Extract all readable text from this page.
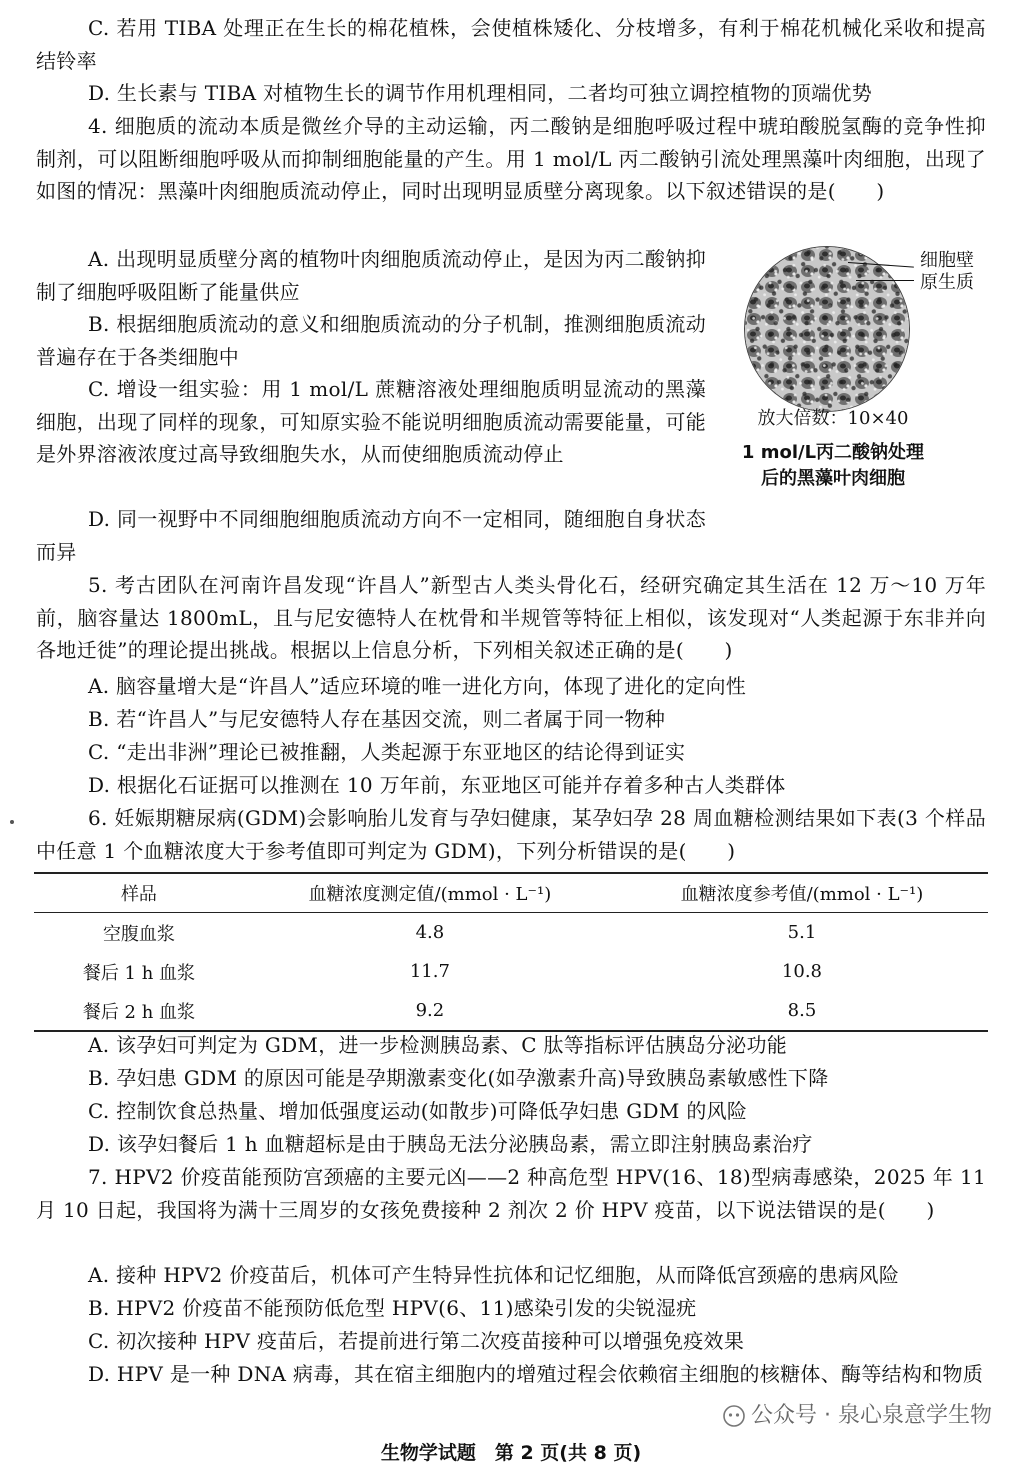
C. 若用 TIBA 处理正在生长的棉花植株，会使植株矮化、分枝增多，有利于棉花机械化采收和提高结铃率

D. 生长素与 TIBA 对植物生长的调节作用机理相同，二者均可独立调控植物的顶端优势

4. 细胞质的流动本质是微丝介导的主动运输，丙二酸钠是细胞呼吸过程中琥珀酸脱氢酶的竞争性抑制剂，可以阻断细胞呼吸从而抑制细胞能量的产生。用 1 mol/L 丙二酸钠引流处理黑藻叶肉细胞，出现了如图的情况：黑藻叶肉细胞质流动停止，同时出现明显质壁分离现象。以下叙述错误的是(　　)

A. 出现明显质壁分离的植物叶肉细胞质流动停止，是因为丙二酸钠抑制了细胞呼吸阻断了能量供应

B. 根据细胞质流动的意义和细胞质流动的分子机制，推测细胞质流动普遍存在于各类细胞中

C. 增设一组实验：用 1 mol/L 蔗糖溶液处理细胞质明显流动的黑藻细胞，出现了同样的现象，可知原实验不能说明细胞质流动需要能量，可能是外界溶液浓度过高导致细胞失水，从而使细胞质流动停止

D. 同一视野中不同细胞细胞质流动方向不一定相同，随细胞自身状态而异

细胞壁
原生质
放大倍数：10×40
1 mol/L丙二酸钠处理
后的黑藻叶肉细胞

5. 考古团队在河南许昌发现“许昌人”新型古人类头骨化石，经研究确定其生活在 12 万～10 万年前，脑容量达 1800mL，且与尼安德特人在枕骨和半规管等特征上相似，该发现对“人类起源于东非并向各地迁徙”的理论提出挑战。根据以上信息分析，下列相关叙述正确的是(　　)

A. 脑容量增大是“许昌人”适应环境的唯一进化方向，体现了进化的定向性

B. 若“许昌人”与尼安德特人存在基因交流，则二者属于同一物种

C. “走出非洲”理论已被推翻，人类起源于东亚地区的结论得到证实

D. 根据化石证据可以推测在 10 万年前，东亚地区可能并存着多种古人类群体

6. 妊娠期糖尿病(GDM)会影响胎儿发育与孕妇健康，某孕妇孕 28 周血糖检测结果如下表(3 个样品中任意 1 个血糖浓度大于参考值即可判定为 GDM)，下列分析错误的是(　　)

样品	血糖浓度测定值/(mmol · L⁻¹)	血糖浓度参考值/(mmol · L⁻¹)
空腹血浆	4.8	5.1
餐后 1 h 血浆	11.7	10.8
餐后 2 h 血浆	9.2	8.5

A. 该孕妇可判定为 GDM，进一步检测胰岛素、C 肽等指标评估胰岛分泌功能

B. 孕妇患 GDM 的原因可能是孕期激素变化(如孕激素升高)导致胰岛素敏感性下降

C. 控制饮食总热量、增加低强度运动(如散步)可降低孕妇患 GDM 的风险

D. 该孕妇餐后 1 h 血糖超标是由于胰岛无法分泌胰岛素，需立即注射胰岛素治疗

7. HPV2 价疫苗能预防宫颈癌的主要元凶——2 种高危型 HPV(16、18)型病毒感染，2025 年 11 月 10 日起，我国将为满十三周岁的女孩免费接种 2 剂次 2 价 HPV 疫苗，以下说法错误的是(　　)

A. 接种 HPV2 价疫苗后，机体可产生特异性抗体和记忆细胞，从而降低宫颈癌的患病风险

B. HPV2 价疫苗不能预防低危型 HPV(6、11)感染引发的尖锐湿疣

C. 初次接种 HPV 疫苗后，若提前进行第二次疫苗接种可以增强免疫效果

D. HPV 是一种 DNA 病毒，其在宿主细胞内的增殖过程会依赖宿主细胞的核糖体、酶等结构和物质

公众号 · 泉心泉意学生物
生物学试题　第 2 页(共 8 页)
